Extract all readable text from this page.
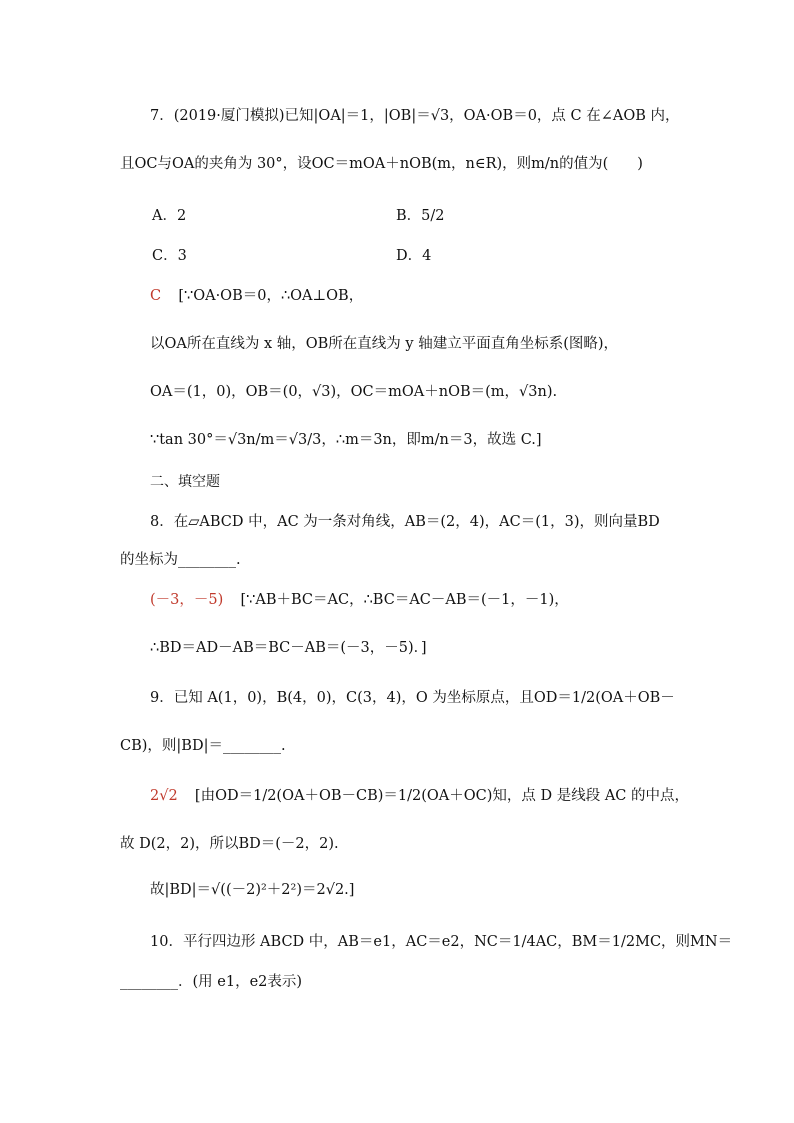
7．(2019·厦门模拟)已知|OA|＝1，|OB|＝√3，OA·OB＝0，点 C 在∠AOB 内，
且OC与OA的夹角为 30°，设OC＝mOA＋nOB(m，n∈R)，则m/n的值为(　　)
A．2	B．5/2
C．3	D．4
C [∵OA·OB＝0，∴OA⊥OB，
以OA所在直线为 x 轴，OB所在直线为 y 轴建立平面直角坐标系(图略)，
OA＝(1，0)，OB＝(0，√3)，OC＝mOA＋nOB＝(m，√3n).
∵tan 30°＝√3n/m＝√3/3，∴m＝3n，即m/n＝3，故选 C.]
二、填空题
8．在▱ABCD 中，AC 为一条对角线，AB＝(2，4)，AC＝(1，3)，则向量BD
的坐标为________.
(－3，－5) [∵AB＋BC＝AC，∴BC＝AC－AB＝(－1，－1)，
∴BD＝AD－AB＝BC－AB＝(－3，－5)．]
9．已知 A(1，0)，B(4，0)，C(3，4)，O 为坐标原点，且OD＝1/2(OA＋OB－
CB)，则|BD|＝________.
2√2 [由OD＝1/2(OA＋OB－CB)＝1/2(OA＋OC)知，点 D 是线段 AC 的中点，
故 D(2，2)，所以BD＝(－2，2).
故|BD|＝√((－2)²＋2²)＝2√2.]
10．平行四边形 ABCD 中，AB＝e1，AC＝e2，NC＝1/4AC，BM＝1/2MC，则MN＝
________．(用 e1，e2表示)
